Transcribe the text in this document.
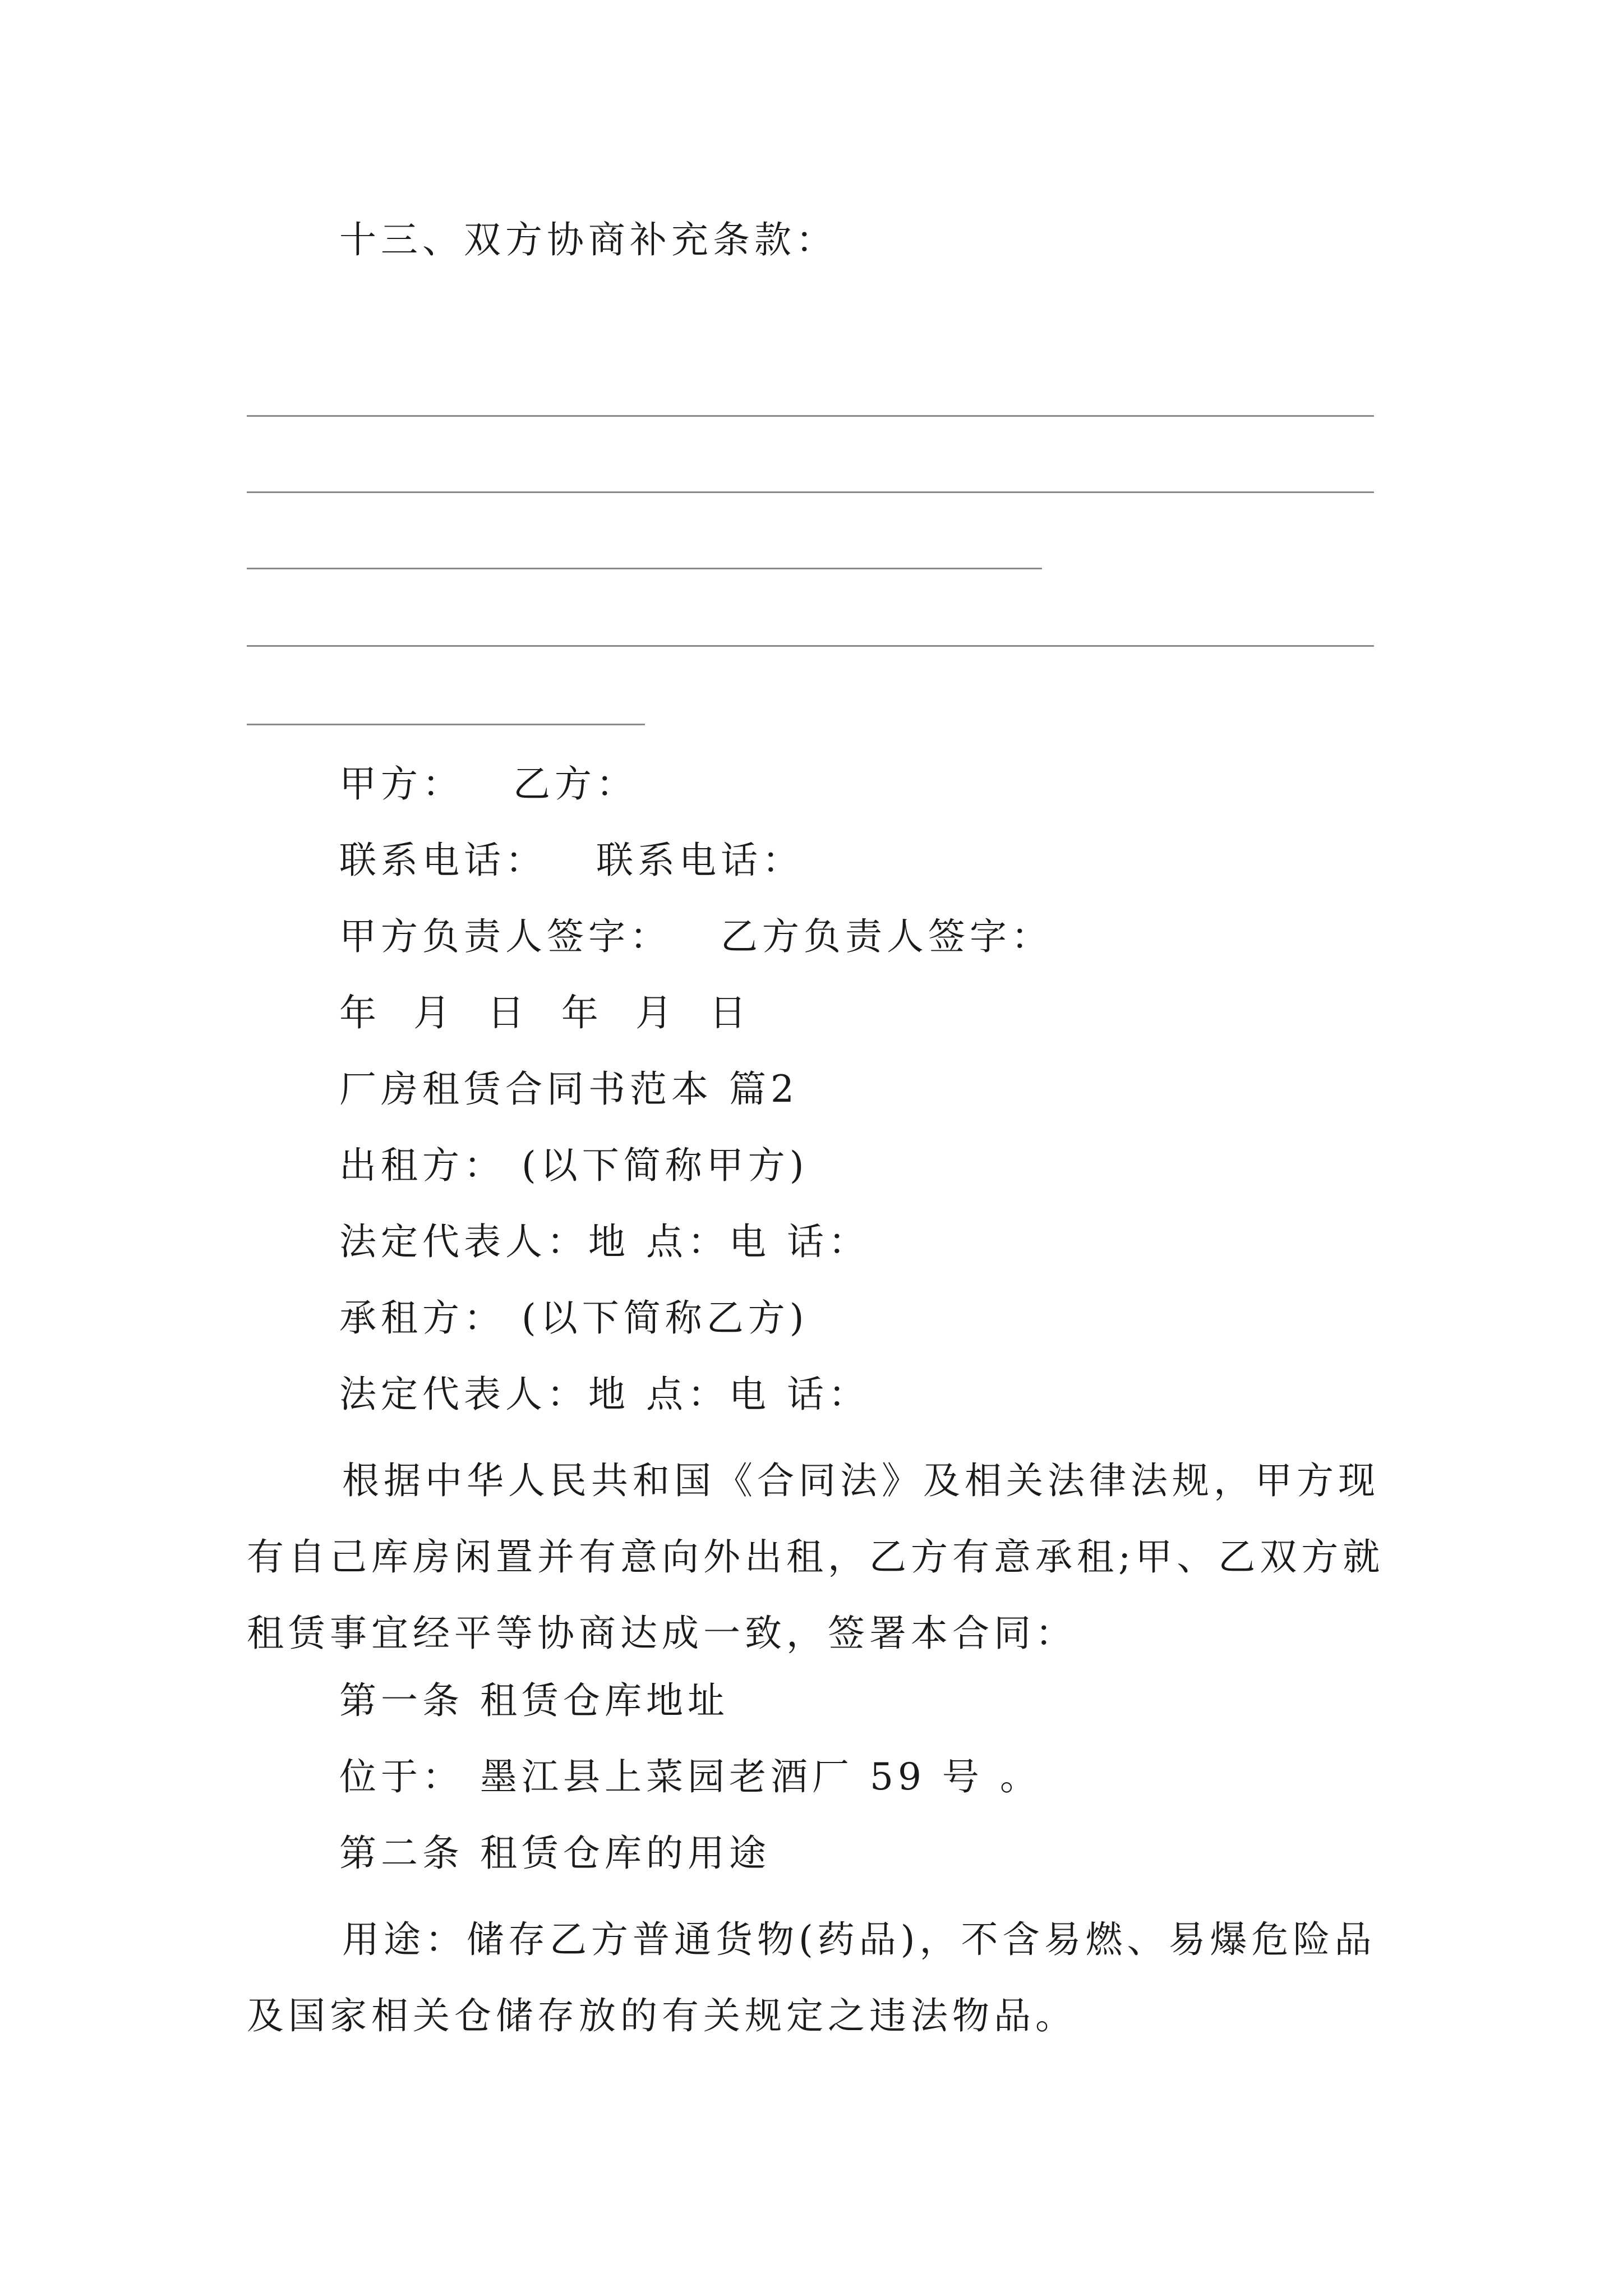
十三、双方协商补充条款：
甲方： 乙方：
联系电话： 联系电话：
甲方负责人签字： 乙方负责人签字：
年  月  日 年  月  日
厂房租赁合同书范本 篇2
出租方： (以下简称甲方)
法定代表人：地 点：电 话：
承租方： (以下简称乙方)
法定代表人：地 点：电 话：
根据中华人民共和国《合同法》及相关法律法规，甲方现有自己库房闲置并有意向外出租，乙方有意承租;甲、乙双方就租赁事宜经平等协商达成一致，签署本合同：
第一条 租赁仓库地址
位于： 墨江县上菜园老酒厂 59 号 。
第二条 租赁仓库的用途
用途：储存乙方普通货物(药品)，不含易燃、易爆危险品及国家相关仓储存放的有关规定之违法物品。
